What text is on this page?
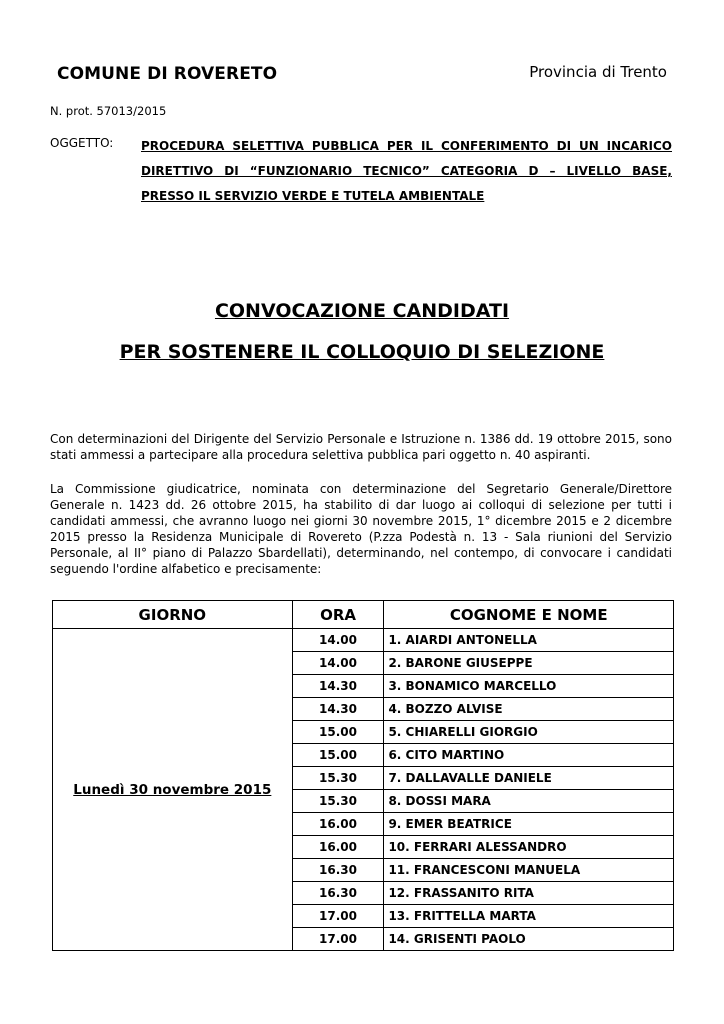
COMUNE DI ROVERETO	Provincia di Trento
N. prot. 57013/2015
OGGETTO: PROCEDURA SELETTIVA PUBBLICA PER IL CONFERIMENTO DI UN INCARICO DIRETTIVO DI “FUNZIONARIO TECNICO” CATEGORIA D – LIVELLO BASE, PRESSO IL SERVIZIO VERDE E TUTELA AMBIENTALE
CONVOCAZIONE CANDIDATI
PER SOSTENERE IL COLLOQUIO DI SELEZIONE
Con determinazioni del Dirigente del Servizio Personale e Istruzione n. 1386 dd. 19 ottobre 2015, sono stati ammessi a partecipare alla procedura selettiva pubblica pari oggetto n. 40 aspiranti.
La Commissione giudicatrice, nominata con determinazione del Segretario Generale/Direttore Generale n. 1423 dd. 26 ottobre 2015, ha stabilito di dar luogo ai colloqui di selezione per tutti i candidati ammessi, che avranno luogo nei giorni 30 novembre 2015, 1° dicembre 2015 e 2 dicembre 2015 presso la Residenza Municipale di Rovereto (P.zza Podestà n. 13 - Sala riunioni del Servizio Personale, al II° piano di Palazzo Sbardellati), determinando, nel contempo, di convocare i candidati seguendo l'ordine alfabetico e precisamente:
GIORNO	ORA	COGNOME E NOME
Lunedì 30 novembre 2015	14.00	1. AIARDI ANTONELLA
	14.00	2. BARONE GIUSEPPE
	14.30	3. BONAMICO MARCELLO
	14.30	4. BOZZO ALVISE
	15.00	5. CHIARELLI GIORGIO
	15.00	6. CITO MARTINO
	15.30	7. DALLAVALLE DANIELE
	15.30	8. DOSSI MARA
	16.00	9. EMER BEATRICE
	16.00	10. FERRARI ALESSANDRO
	16.30	11. FRANCESCONI MANUELA
	16.30	12. FRASSANITO RITA
	17.00	13. FRITTELLA MARTA
	17.00	14. GRISENTI PAOLO
